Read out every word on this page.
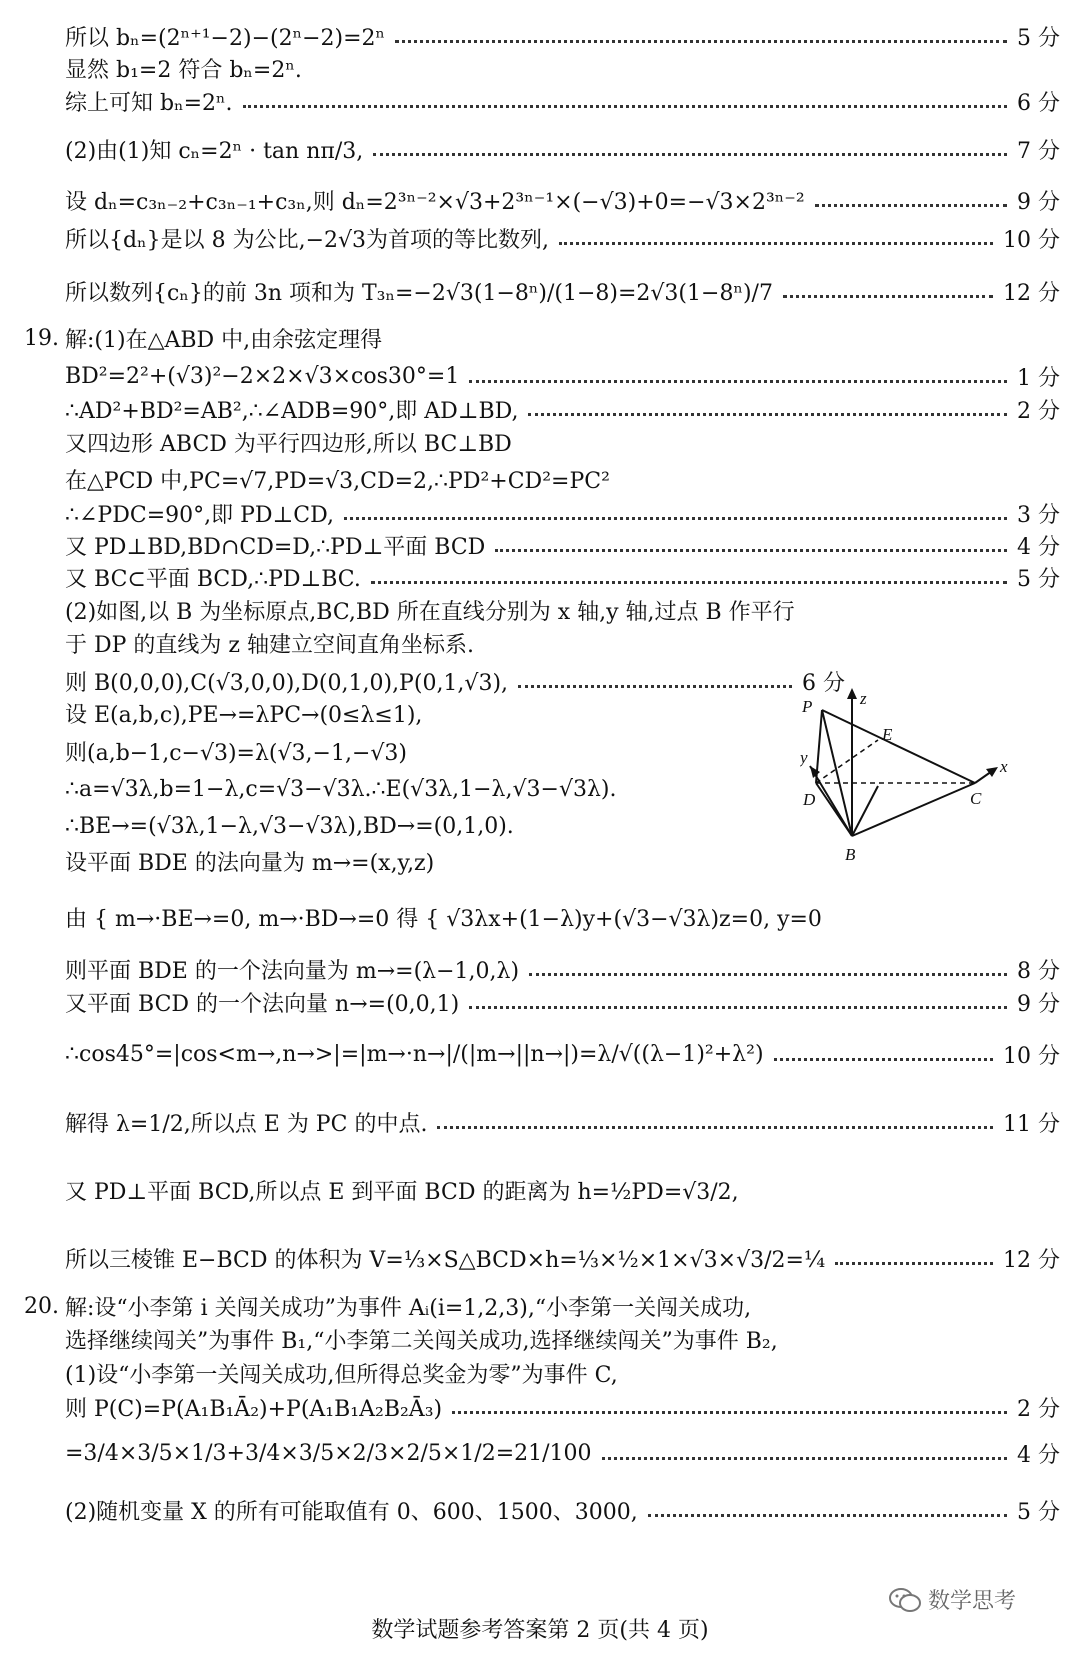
所以 bₙ=(2ⁿ⁺¹−2)−(2ⁿ−2)=2ⁿ	5 分
显然 b₁=2 符合 bₙ=2ⁿ.
综上可知 bₙ=2ⁿ.	6 分
(2)由(1)知 cₙ=2ⁿ · tan nπ/3,	7 分
设 dₙ=c₃ₙ₋₂+c₃ₙ₋₁+c₃ₙ,则 dₙ=2³ⁿ⁻²×√3+2³ⁿ⁻¹×(−√3)+0=−√3×2³ⁿ⁻²	9 分
所以{dₙ}是以 8 为公比,−2√3为首项的等比数列,	10 分
所以数列{cₙ}的前 3n 项和为 T₃ₙ=−2√3(1−8ⁿ)/(1−8)=2√3(1−8ⁿ)/7	12 分
19. 解:(1)在△ABD 中,由余弦定理得
BD²=2²+(√3)²−2×2×√3×cos30°=1	1 分
∴AD²+BD²=AB²,∴∠ADB=90°,即 AD⊥BD,	2 分
又四边形 ABCD 为平行四边形,所以 BC⊥BD
在△PCD 中,PC=√7,PD=√3,CD=2,∴PD²+CD²=PC²
∴∠PDC=90°,即 PD⊥CD,	3 分
又 PD⊥BD,BD∩CD=D,∴PD⊥平面 BCD	4 分
又 BC⊂平面 BCD,∴PD⊥BC.	5 分
(2)如图,以 B 为坐标原点,BC,BD 所在直线分别为 x 轴,y 轴,过点 B 作平行
于 DP 的直线为 z 轴建立空间直角坐标系.
则 B(0,0,0),C(√3,0,0),D(0,1,0),P(0,1,√3),	6 分
设 E(a,b,c),PE→=λPC→(0≤λ≤1),
则(a,b−1,c−√3)=λ(√3,−1,−√3)
∴a=√3λ,b=1−λ,c=√3−√3λ.∴E(√3λ,1−λ,√3−√3λ).
∴BE→=(√3λ,1−λ,√3−√3λ),BD→=(0,1,0).
设平面 BDE 的法向量为 m→=(x,y,z)
由 { m→·BE→=0, m→·BD→=0 得 { √3λx+(1−λ)y+(√3−√3λ)z=0, y=0
则平面 BDE 的一个法向量为 m→=(λ−1,0,λ)	8 分
又平面 BCD 的一个法向量 n→=(0,0,1)	9 分
∴cos45°=|cos<m→,n→>|=|m→·n→|/(|m→||n→|)=λ/√((λ−1)²+λ²)	10 分
解得 λ=1/2,所以点 E 为 PC 的中点.	11 分
又 PD⊥平面 BCD,所以点 E 到平面 BCD 的距离为 h=½PD=√3/2,
所以三棱锥 E−BCD 的体积为 V=⅓×S△BCD×h=⅓×½×1×√3×√3/2=¼	12 分
20. 解:设“小李第 i 关闯关成功”为事件 Aᵢ(i=1,2,3),“小李第一关闯关成功,
选择继续闯关”为事件 B₁,“小李第二关闯关成功,选择继续闯关”为事件 B₂,
(1)设“小李第一关闯关成功,但所得总奖金为零”为事件 C,
则 P(C)=P(A₁B₁Ā₂)+P(A₁B₁A₂B₂Ā₃)	2 分
=3/4×3/5×1/3+3/4×3/5×2/3×2/5×1/2=21/100	4 分
(2)随机变量 X 的所有可能取值有 0、600、1500、3000,	5 分
P	z
E
y	x
D	C
B
数学思考
数学试题参考答案第 2 页(共 4 页)
